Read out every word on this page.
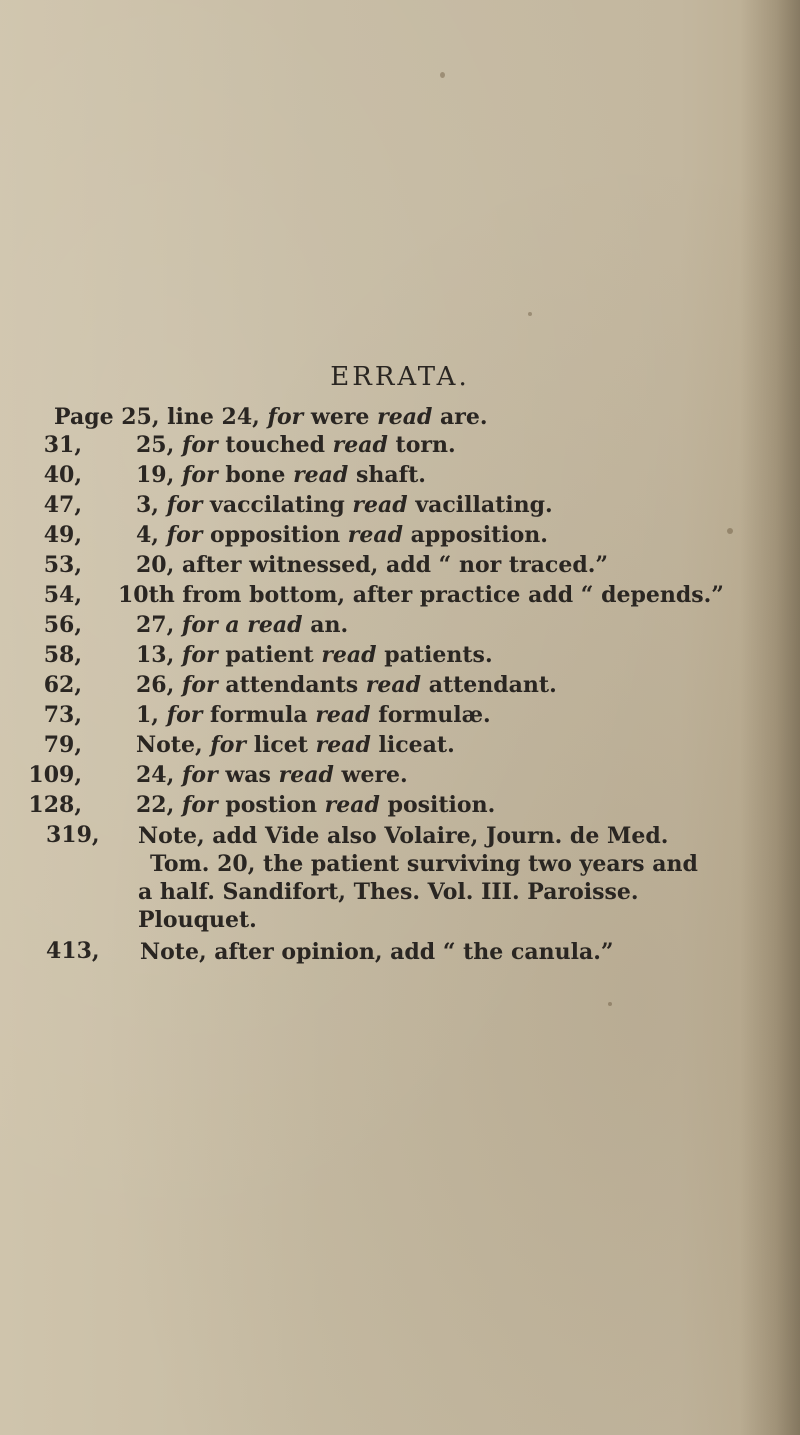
ERRATA.
Page 25, line 24, for were read are.
31, 25, for touched read torn.
40, 19, for bone read shaft.
47, 3, for vaccilating read vacillating.
49, 4, for opposition read apposition.
53, 20, after witnessed, add “ nor traced.”
54, 10th from bottom, after practice add “ depends.”
56, 27, for a read an.
58, 13, for patient read patients.
62, 26, for attendants read attendant.
73, 1, for formula read formulæ.
79, Note, for licet read liceat.
109, 24, for was read were.
128, 22, for postion read position.
319, Note, add Vide also Volaire, Journ. de Med.
Tom. 20, the patient surviving two years and
a half. Sandifort, Thes. Vol. III. Paroisse.
Plouquet.
413, Note, after opinion, add “ the canula.”
